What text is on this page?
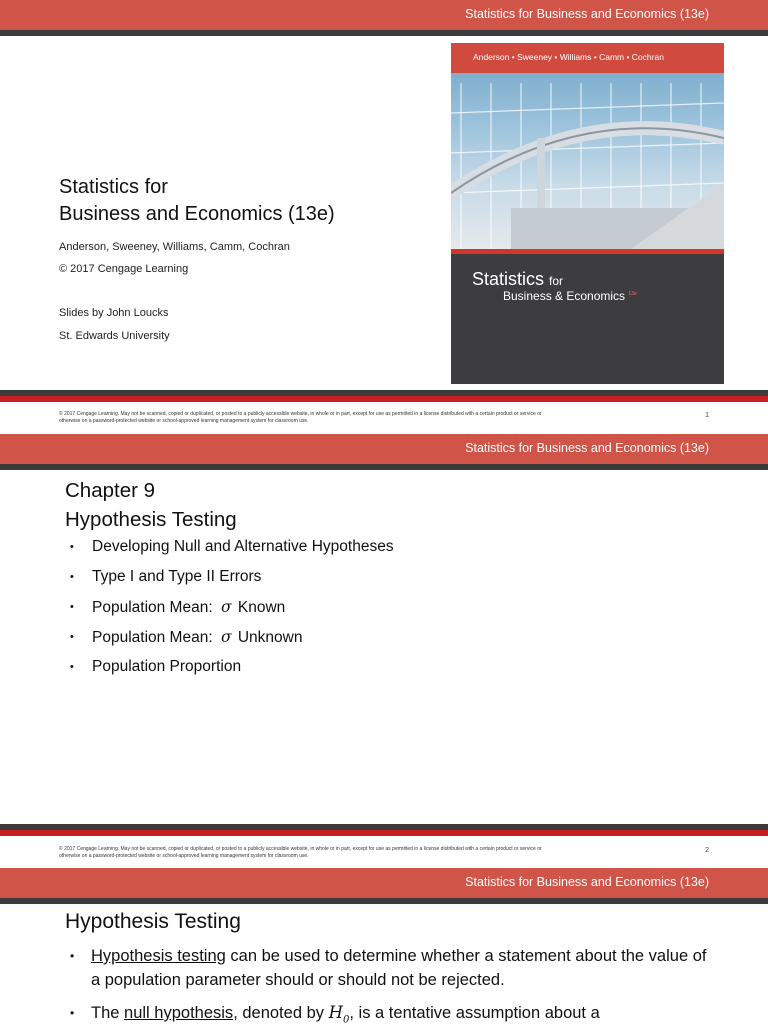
Statistics for Business and Economics (13e)
Statistics for
Business and Economics (13e)
Anderson, Sweeney, Williams, Camm, Cochran
© 2017 Cengage Learning
Slides by John Loucks
St. Edwards University
Anderson • Sweeney • Williams • Camm • Cochran
Statistics for
Business & Economics $^{13e}$
© 2017 Cengage Learning. May not be scanned, copied or duplicated, or posted to a publicly accessible website, in whole or in part, except for use as permitted in a license distributed with a certain product or service or
otherwise on a password-protected website or school-approved learning management system for classroom use.
1
Statistics for Business and Economics (13e)
Chapter 9
Hypothesis Testing
• Developing Null and Alternative Hypotheses
• Type I and Type II Errors
• Population Mean: σ Known
• Population Mean: σ Unknown
• Population Proportion
© 2017 Cengage Learning. May not be scanned, copied or duplicated, or posted to a publicly accessible website, in whole or in part, except for use as permitted in a license distributed with a certain product or service or
otherwise on a password-protected website or school-approved learning management system for classroom use.
2
Statistics for Business and Economics (13e)
Hypothesis Testing
• Hypothesis testing can be used to determine whether a statement about the value of a population parameter should or should not be rejected.
• The null hypothesis, denoted by $H_0$, is a tentative assumption about a
